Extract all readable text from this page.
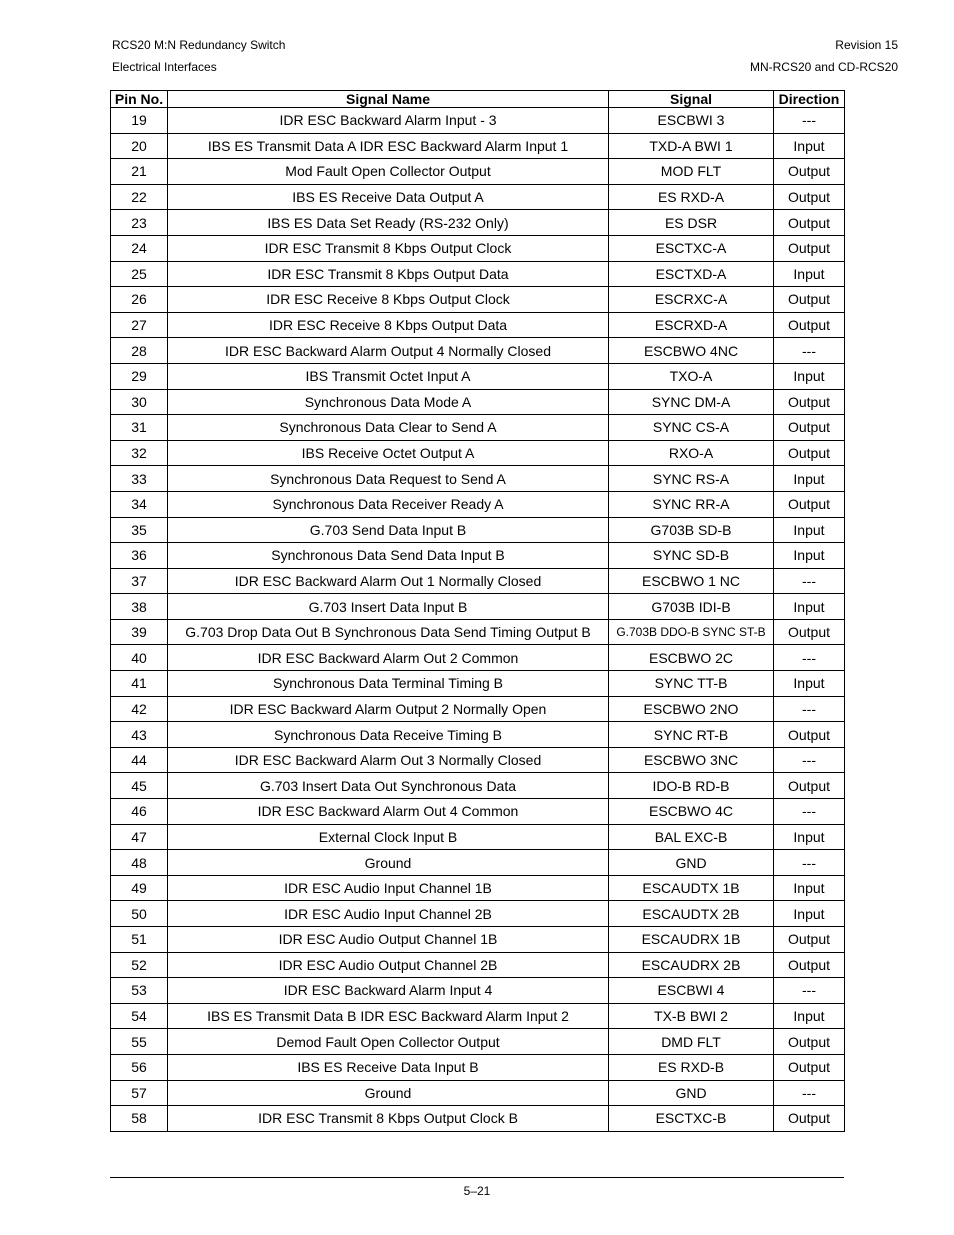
RCS20 M:N Redundancy Switch	Revision 15
Electrical Interfaces	MN-RCS20 and CD-RCS20
Pin No.	Signal Name	Signal	Direction
19	IDR ESC Backward Alarm Input - 3	ESCBWI 3	---
20	IBS ES Transmit Data A IDR ESC Backward Alarm Input 1	TXD-A BWI 1	Input
21	Mod Fault Open Collector Output	MOD FLT	Output
22	IBS ES Receive Data Output A	ES RXD-A	Output
23	IBS ES Data Set Ready (RS-232 Only)	ES DSR	Output
24	IDR ESC Transmit 8 Kbps Output Clock	ESCTXC-A	Output
25	IDR ESC Transmit 8 Kbps Output Data	ESCTXD-A	Input
26	IDR ESC Receive 8 Kbps Output Clock	ESCRXC-A	Output
27	IDR ESC Receive 8 Kbps Output Data	ESCRXD-A	Output
28	IDR ESC Backward Alarm Output 4 Normally Closed	ESCBWO 4NC	---
29	IBS Transmit Octet Input A	TXO-A	Input
30	Synchronous Data Mode A	SYNC DM-A	Output
31	Synchronous Data Clear to Send A	SYNC CS-A	Output
32	IBS Receive Octet Output A	RXO-A	Output
33	Synchronous Data Request to Send A	SYNC RS-A	Input
34	Synchronous Data Receiver Ready A	SYNC RR-A	Output
35	G.703 Send Data Input B	G703B SD-B	Input
36	Synchronous Data Send Data Input B	SYNC SD-B	Input
37	IDR ESC Backward Alarm Out 1 Normally Closed	ESCBWO 1 NC	---
38	G.703 Insert Data Input B	G703B IDI-B	Input
39	G.703 Drop Data Out B Synchronous Data Send Timing Output B	G.703B DDO-B SYNC ST-B	Output
40	IDR ESC Backward Alarm Out 2 Common	ESCBWO 2C	---
41	Synchronous Data Terminal Timing B	SYNC TT-B	Input
42	IDR ESC Backward Alarm Output 2 Normally Open	ESCBWO 2NO	---
43	Synchronous Data Receive Timing B	SYNC RT-B	Output
44	IDR ESC Backward Alarm Out 3 Normally Closed	ESCBWO 3NC	---
45	G.703 Insert Data Out Synchronous Data	IDO-B RD-B	Output
46	IDR ESC Backward Alarm Out 4 Common	ESCBWO 4C	---
47	External Clock Input B	BAL EXC-B	Input
48	Ground	GND	---
49	IDR ESC Audio Input Channel 1B	ESCAUDTX 1B	Input
50	IDR ESC Audio Input Channel 2B	ESCAUDTX 2B	Input
51	IDR ESC Audio Output Channel 1B	ESCAUDRX 1B	Output
52	IDR ESC Audio Output Channel 2B	ESCAUDRX 2B	Output
53	IDR ESC Backward Alarm Input 4	ESCBWI 4	---
54	IBS ES Transmit Data B IDR ESC Backward Alarm Input 2	TX-B BWI 2	Input
55	Demod Fault Open Collector Output	DMD FLT	Output
56	IBS ES Receive Data Input B	ES RXD-B	Output
57	Ground	GND	---
58	IDR ESC Transmit 8 Kbps Output Clock B	ESCTXC-B	Output
5–21
